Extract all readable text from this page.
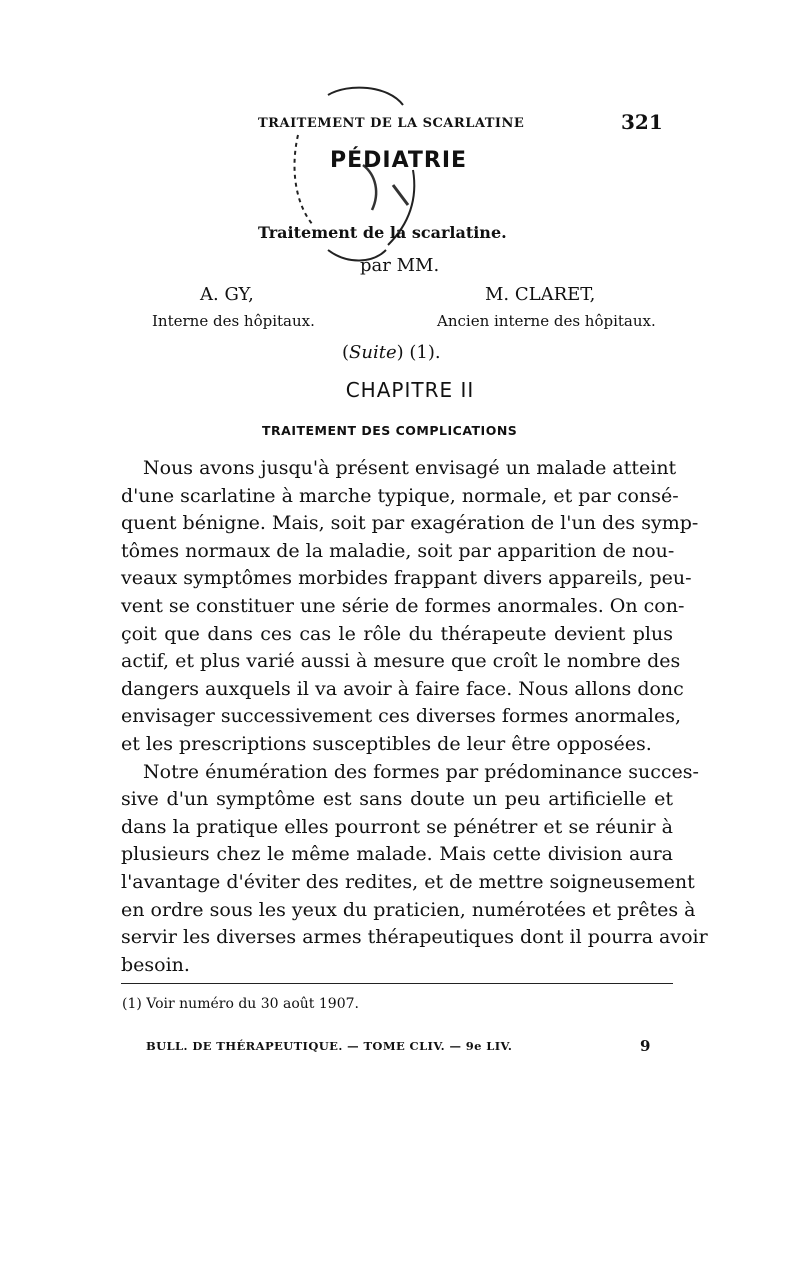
TRAITEMENT DE LA SCARLATINE	321
PÉDIATRIE
Traitement de la scarlatine.
par MM.
A. GY,	M. CLARET,
Interne des hôpitaux.	Ancien interne des hôpitaux.
(Suite) (1).
CHAPITRE II
TRAITEMENT DES COMPLICATIONS
Nous avons jusqu'à présent envisagé un malade atteint
d'une scarlatine à marche typique, normale, et par consé-
quent bénigne. Mais, soit par exagération de l'un des symp-
tômes normaux de la maladie, soit par apparition de nou-
veaux symptômes morbides frappant divers appareils, peu-
vent se constituer une série de formes anormales. On con-
çoit que dans ces cas le rôle du thérapeute devient plus
actif, et plus varié aussi à mesure que croît le nombre des
dangers auxquels il va avoir à faire face. Nous allons donc
envisager successivement ces diverses formes anormales,
et les prescriptions susceptibles de leur être opposées.
Notre énumération des formes par prédominance succes-
sive d'un symptôme est sans doute un peu artificielle et
dans la pratique elles pourront se pénétrer et se réunir à
plusieurs chez le même malade. Mais cette division aura
l'avantage d'éviter des redites, et de mettre soigneusement
en ordre sous les yeux du praticien, numérotées et prêtes à
servir les diverses armes thérapeutiques dont il pourra avoir
besoin.
(1) Voir numéro du 30 août 1907.
BULL. DE THÉRAPEUTIQUE. — TOME CLIV. — 9e LIV.	9
